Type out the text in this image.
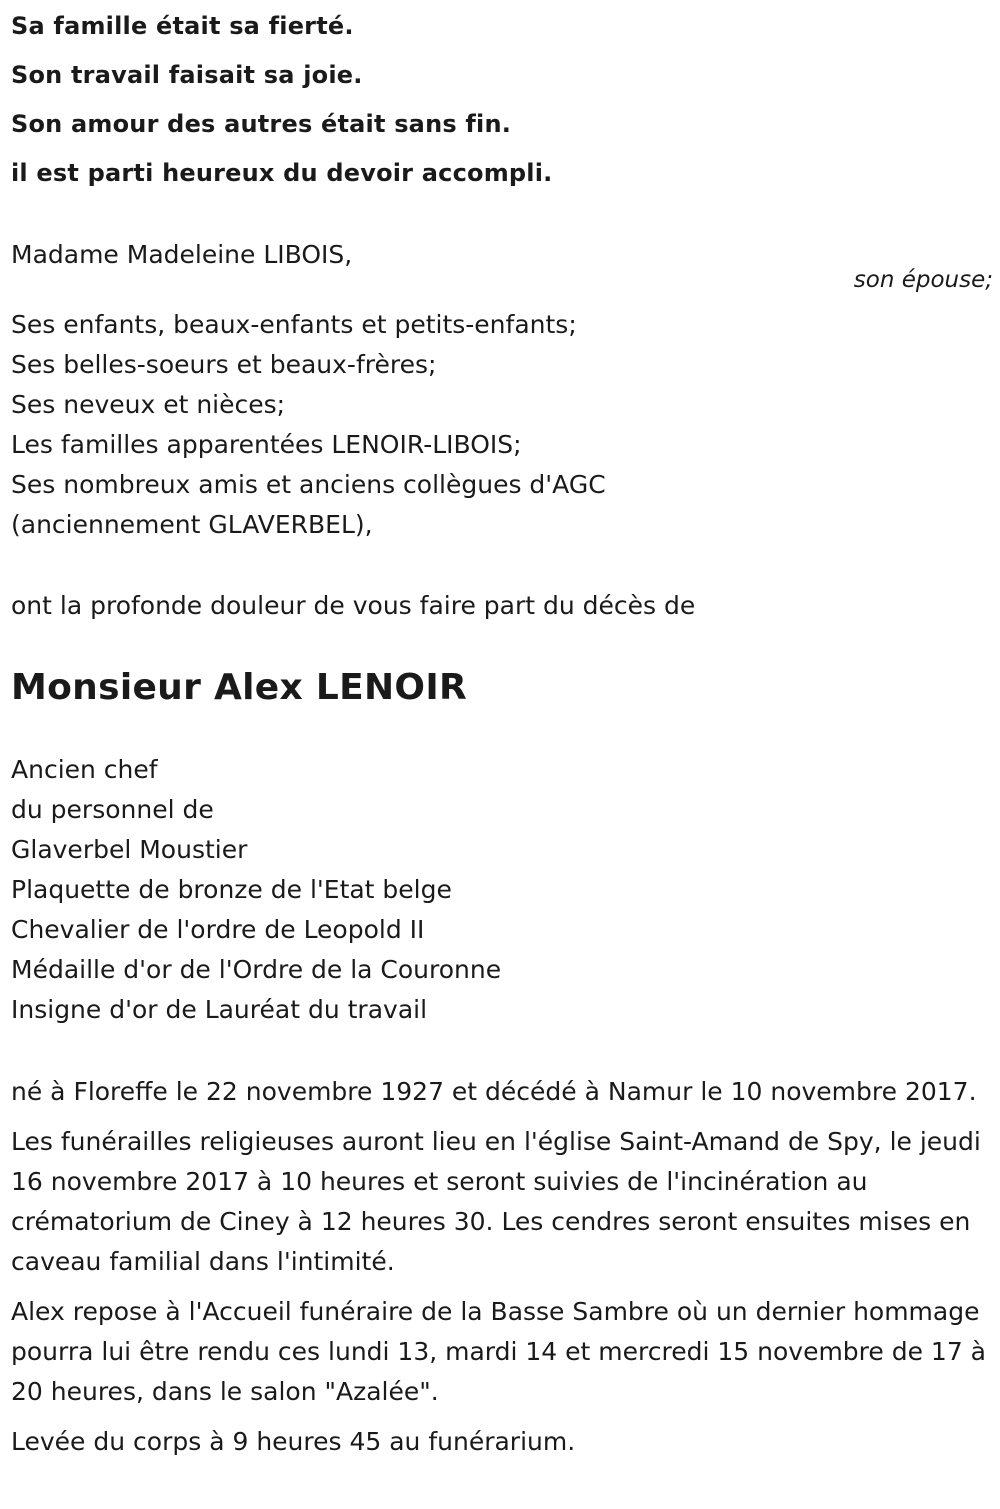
Sa famille était sa fierté.
Son travail faisait sa joie.
Son amour des autres était sans fin.
il est parti heureux du devoir accompli.
Madame Madeleine LIBOIS,
son épouse;
Ses enfants, beaux-enfants et petits-enfants;
Ses belles-soeurs et beaux-frères;
Ses neveux et nièces;
Les familles apparentées LENOIR-LIBOIS;
Ses nombreux amis et anciens collègues d'AGC
(anciennement GLAVERBEL),
ont la profonde douleur de vous faire part du décès de
Monsieur Alex LENOIR
Ancien chef
du personnel de
Glaverbel Moustier
Plaquette de bronze de l'Etat belge
Chevalier de l'ordre de Leopold II
Médaille d'or de l'Ordre de la Couronne
Insigne d'or de Lauréat du travail

né à Floreffe le 22 novembre 1927 et décédé à Namur le 10 novembre 2017.

Les funérailles religieuses auront lieu en l'église Saint-Amand de Spy, le jeudi 16 novembre 2017 à 10 heures et seront suivies de l'incinération au crématorium de Ciney à 12 heures 30. Les cendres seront ensuites mises en caveau familial dans l'intimité.

Alex repose à l'Accueil funéraire de la Basse Sambre où un dernier hommage pourra lui être rendu ces lundi 13, mardi 14 et mercredi 15 novembre de 17 à 20 heures, dans le salon "Azalée".

Levée du corps à 9 heures 45 au funérarium.
